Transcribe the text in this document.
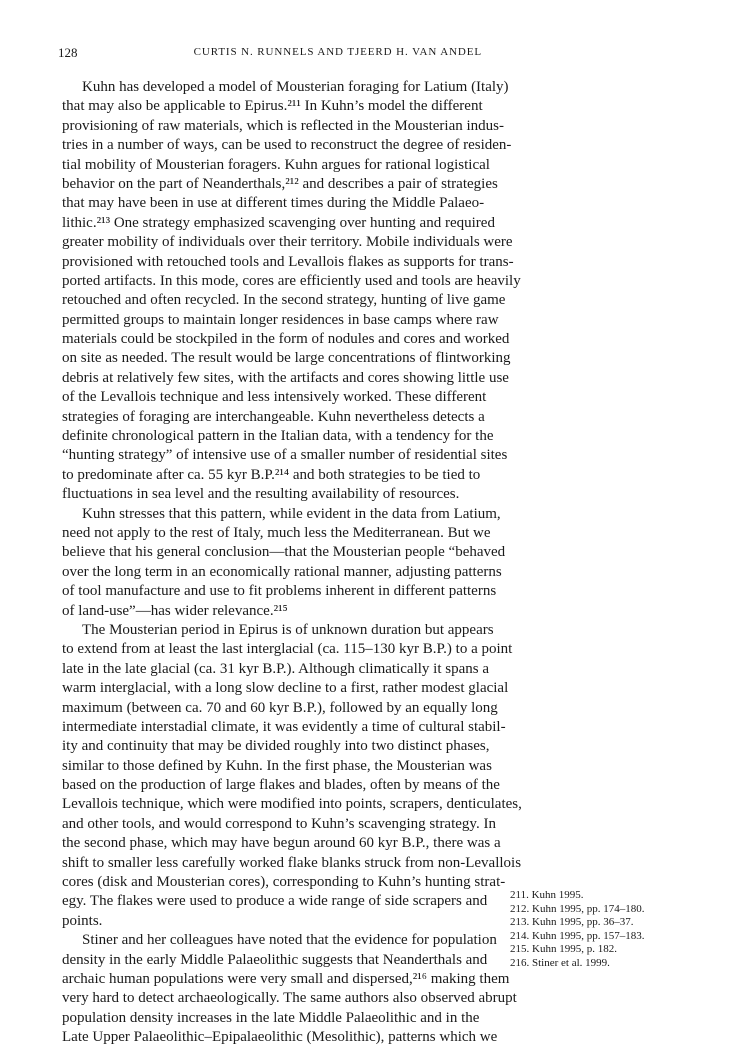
128	CURTIS N. RUNNELS AND TJEERD H. VAN ANDEL
Kuhn has developed a model of Mousterian foraging for Latium (Italy)
that may also be applicable to Epirus.²¹¹ In Kuhn’s model the different
provisioning of raw materials, which is reflected in the Mousterian indus-
tries in a number of ways, can be used to reconstruct the degree of residen-
tial mobility of Mousterian foragers. Kuhn argues for rational logistical
behavior on the part of Neanderthals,²¹² and describes a pair of strategies
that may have been in use at different times during the Middle Palaeo-
lithic.²¹³ One strategy emphasized scavenging over hunting and required
greater mobility of individuals over their territory. Mobile individuals were
provisioned with retouched tools and Levallois flakes as supports for trans-
ported artifacts. In this mode, cores are efficiently used and tools are heavily
retouched and often recycled. In the second strategy, hunting of live game
permitted groups to maintain longer residences in base camps where raw
materials could be stockpiled in the form of nodules and cores and worked
on site as needed. The result would be large concentrations of flintworking
debris at relatively few sites, with the artifacts and cores showing little use
of the Levallois technique and less intensively worked. These different
strategies of foraging are interchangeable. Kuhn nevertheless detects a
definite chronological pattern in the Italian data, with a tendency for the
“hunting strategy” of intensive use of a smaller number of residential sites
to predominate after ca. 55 kyr B.P.²¹⁴ and both strategies to be tied to
fluctuations in sea level and the resulting availability of resources.
Kuhn stresses that this pattern, while evident in the data from Latium,
need not apply to the rest of Italy, much less the Mediterranean. But we
believe that his general conclusion—that the Mousterian people “behaved
over the long term in an economically rational manner, adjusting patterns
of tool manufacture and use to fit problems inherent in different patterns
of land-use”—has wider relevance.²¹⁵
The Mousterian period in Epirus is of unknown duration but appears
to extend from at least the last interglacial (ca. 115–130 kyr B.P.) to a point
late in the late glacial (ca. 31 kyr B.P.). Although climatically it spans a
warm interglacial, with a long slow decline to a first, rather modest glacial
maximum (between ca. 70 and 60 kyr B.P.), followed by an equally long
intermediate interstadial climate, it was evidently a time of cultural stabil-
ity and continuity that may be divided roughly into two distinct phases,
similar to those defined by Kuhn. In the first phase, the Mousterian was
based on the production of large flakes and blades, often by means of the
Levallois technique, which were modified into points, scrapers, denticulates,
and other tools, and would correspond to Kuhn’s scavenging strategy. In
the second phase, which may have begun around 60 kyr B.P., there was a
shift to smaller less carefully worked flake blanks struck from non-Levallois
cores (disk and Mousterian cores), corresponding to Kuhn’s hunting strat-
egy. The flakes were used to produce a wide range of side scrapers and
points.
Stiner and her colleagues have noted that the evidence for population
density in the early Middle Palaeolithic suggests that Neanderthals and
archaic human populations were very small and dispersed,²¹⁶ making them
very hard to detect archaeologically. The same authors also observed abrupt
population density increases in the late Middle Palaeolithic and in the
Late Upper Palaeolithic–Epipalaeolithic (Mesolithic), patterns which we
211. Kuhn 1995.
212. Kuhn 1995, pp. 174–180.
213. Kuhn 1995, pp. 36–37.
214. Kuhn 1995, pp. 157–183.
215. Kuhn 1995, p. 182.
216. Stiner et al. 1999.
